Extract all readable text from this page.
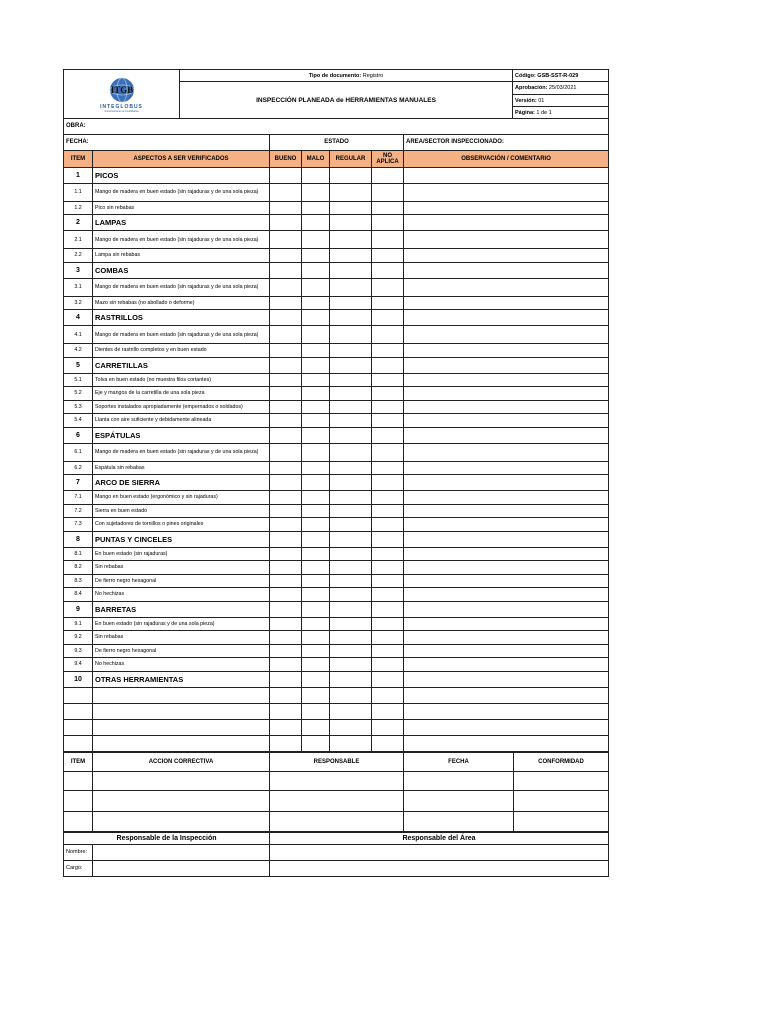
ITGB
INTEGLOBUS
Construcciones & Inmobiliarias	Tipo de documento: Registro	Código: GSB-SST-R-029
	INSPECCIÓN PLANEADA de HERRAMIENTAS MANUALES	Aprobación: 25/03/2021
		Versión: 01
		Página: 1 de 1
OBRA:						
FECHA:		ESTADO				AREA/SECTOR INSPECCIONADO:
ITEM	ASPECTOS A SER VERIFICADOS	BUENO	MALO	REGULAR	NO APLICA	OBSERVACIÓN / COMENTARIO
1	PICOS					
1.1	Mango de madera en buen estado (sin rajaduras y de una sola pieza)					
1.2	Pico sin rebabas					
2	LAMPAS					
2.1	Mango de madera en buen estado (sin rajaduras y de una sola pieza)					
2.2	Lampa sin rebabas					
3	COMBAS					
3.1	Mango de madera en buen estado (sin rajaduras y de una sola pieza)					
3.2	Mazo sin rebabas (no abollado o deforme)					
4	RASTRILLOS					
4.1	Mango de madera en buen estado (sin rajaduras y de una sola pieza)					
4.2	Dientes de rastrillo completos y en buen estado					
5	CARRETILLAS					
5.1	Tolva en buen estado (no muestra filos cortantes)					
5.2	Eje y mangos de la carretilla de una sola pieza					
5.3	Soportes instalados apropiadamente (empernados o soldados)					
5.4	Llanta con aire suficiente y debidamente alineada					
6	ESPÁTULAS					
6.1	Mango de madera en buen estado (sin rajaduras y de una sola pieza)					
6.2	Espátula sin rebabas					
7	ARCO DE SIERRA					
7.1	Mango en buen estado (ergonómico y sin rajaduras)					
7.2	Sierra en buen estado					
7.3	Con sujetadores de tornillos o pines originales					
8	PUNTAS Y CINCELES					
8.1	En buen estado (sin rajaduras)					
8.2	Sin rebabas					
8.3	De fierro negro hexagonal					
8.4	No hechizas					
9	BARRETAS					
9.1	En buen estado (sin rajaduras y de una sola pieza)					
9.2	Sin rebabas					
9.3	De fierro negro hexagonal					
9.4	No hechizas					
10	OTRAS HERRAMIENTAS					

ITEM	ACCION CORRECTIVA	RESPONSABLE	FECHA	CONFORMIDAD

Responsable de la Inspección		Responsable del Área
Nombre:		
Cargo:		
